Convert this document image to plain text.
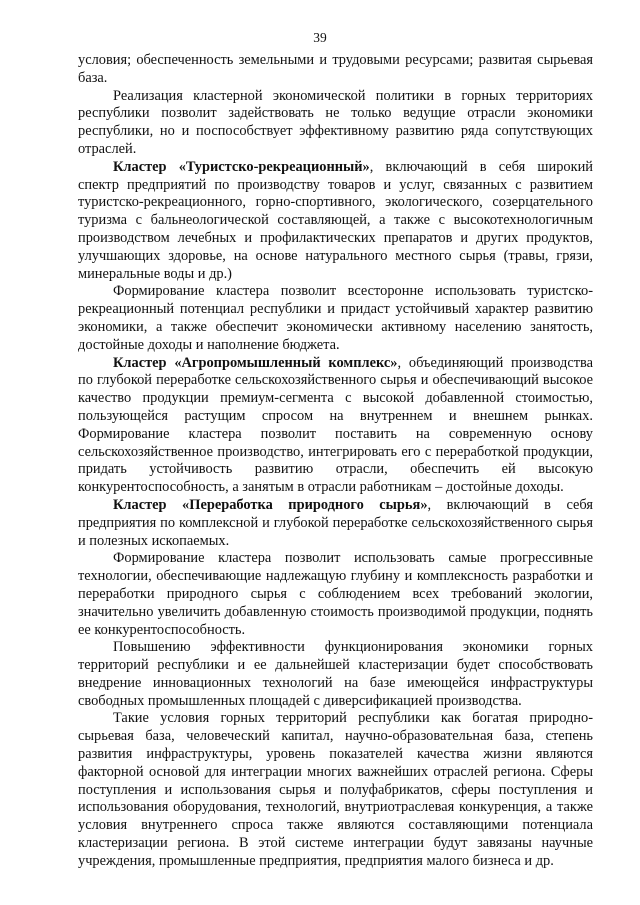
39

условия; обеспеченность земельными и трудовыми ресурсами; развитая сырьевая база.

Реализация кластерной экономической политики в горных территориях республики позволит задействовать не только ведущие отрасли экономики республики, но и поспособствует эффективному развитию ряда сопутствующих отраслей.

Кластер «Туристско-рекреационный», включающий в себя широкий спектр предприятий по производству товаров и услуг, связанных с развитием туристско-рекреационного, горно-спортивного, экологического, созерцательного туризма с бальнеологической составляющей, а также с высокотехнологичным производством лечебных и профилактических препаратов и других продуктов, улучшающих здоровье, на основе натурального местного сырья (травы, грязи, минеральные воды и др.)

Формирование кластера позволит всесторонне использовать туристско-рекреационный потенциал республики и придаст устойчивый характер развитию экономики, а также обеспечит экономически активному населению занятость, достойные доходы и наполнение бюджета.

Кластер «Агропромышленный комплекс», объединяющий производства по глубокой переработке сельскохозяйственного сырья и обеспечивающий высокое качество продукции премиум-сегмента с высокой добавленной стоимостью, пользующейся растущим спросом на внутреннем и внешнем рынках. Формирование кластера позволит поставить на современную основу сельскохозяйственное производство, интегрировать его с переработкой продукции, придать устойчивость развитию отрасли, обеспечить ей высокую конкурентоспособность, а занятым в отрасли работникам – достойные доходы.

Кластер «Переработка природного сырья», включающий в себя предприятия по комплексной и глубокой переработке сельскохозяйственного сырья и полезных ископаемых.

Формирование кластера позволит использовать самые прогрессивные технологии, обеспечивающие надлежащую глубину и комплексность разработки и переработки природного сырья с соблюдением всех требований экологии, значительно увеличить добавленную стоимость производимой продукции, поднять ее конкурентоспособность.

Повышению эффективности функционирования экономики горных территорий республики и ее дальнейшей кластеризации будет способствовать внедрение инновационных технологий на базе имеющейся инфраструктуры свободных промышленных площадей с диверсификацией производства.

Такие условия горных территорий республики как богатая природно-сырьевая база, человеческий капитал, научно-образовательная база, степень развития инфраструктуры, уровень показателей качества жизни являются факторной основой для интеграции многих важнейших отраслей региона. Сферы поступления и использования сырья и полуфабрикатов, сферы поступления и использования оборудования, технологий, внутриотраслевая конкуренция, а также условия внутреннего спроса также являются составляющими потенциала кластеризации региона. В этой системе интеграции будут завязаны научные учреждения, промышленные предприятия, предприятия малого бизнеса и др.
